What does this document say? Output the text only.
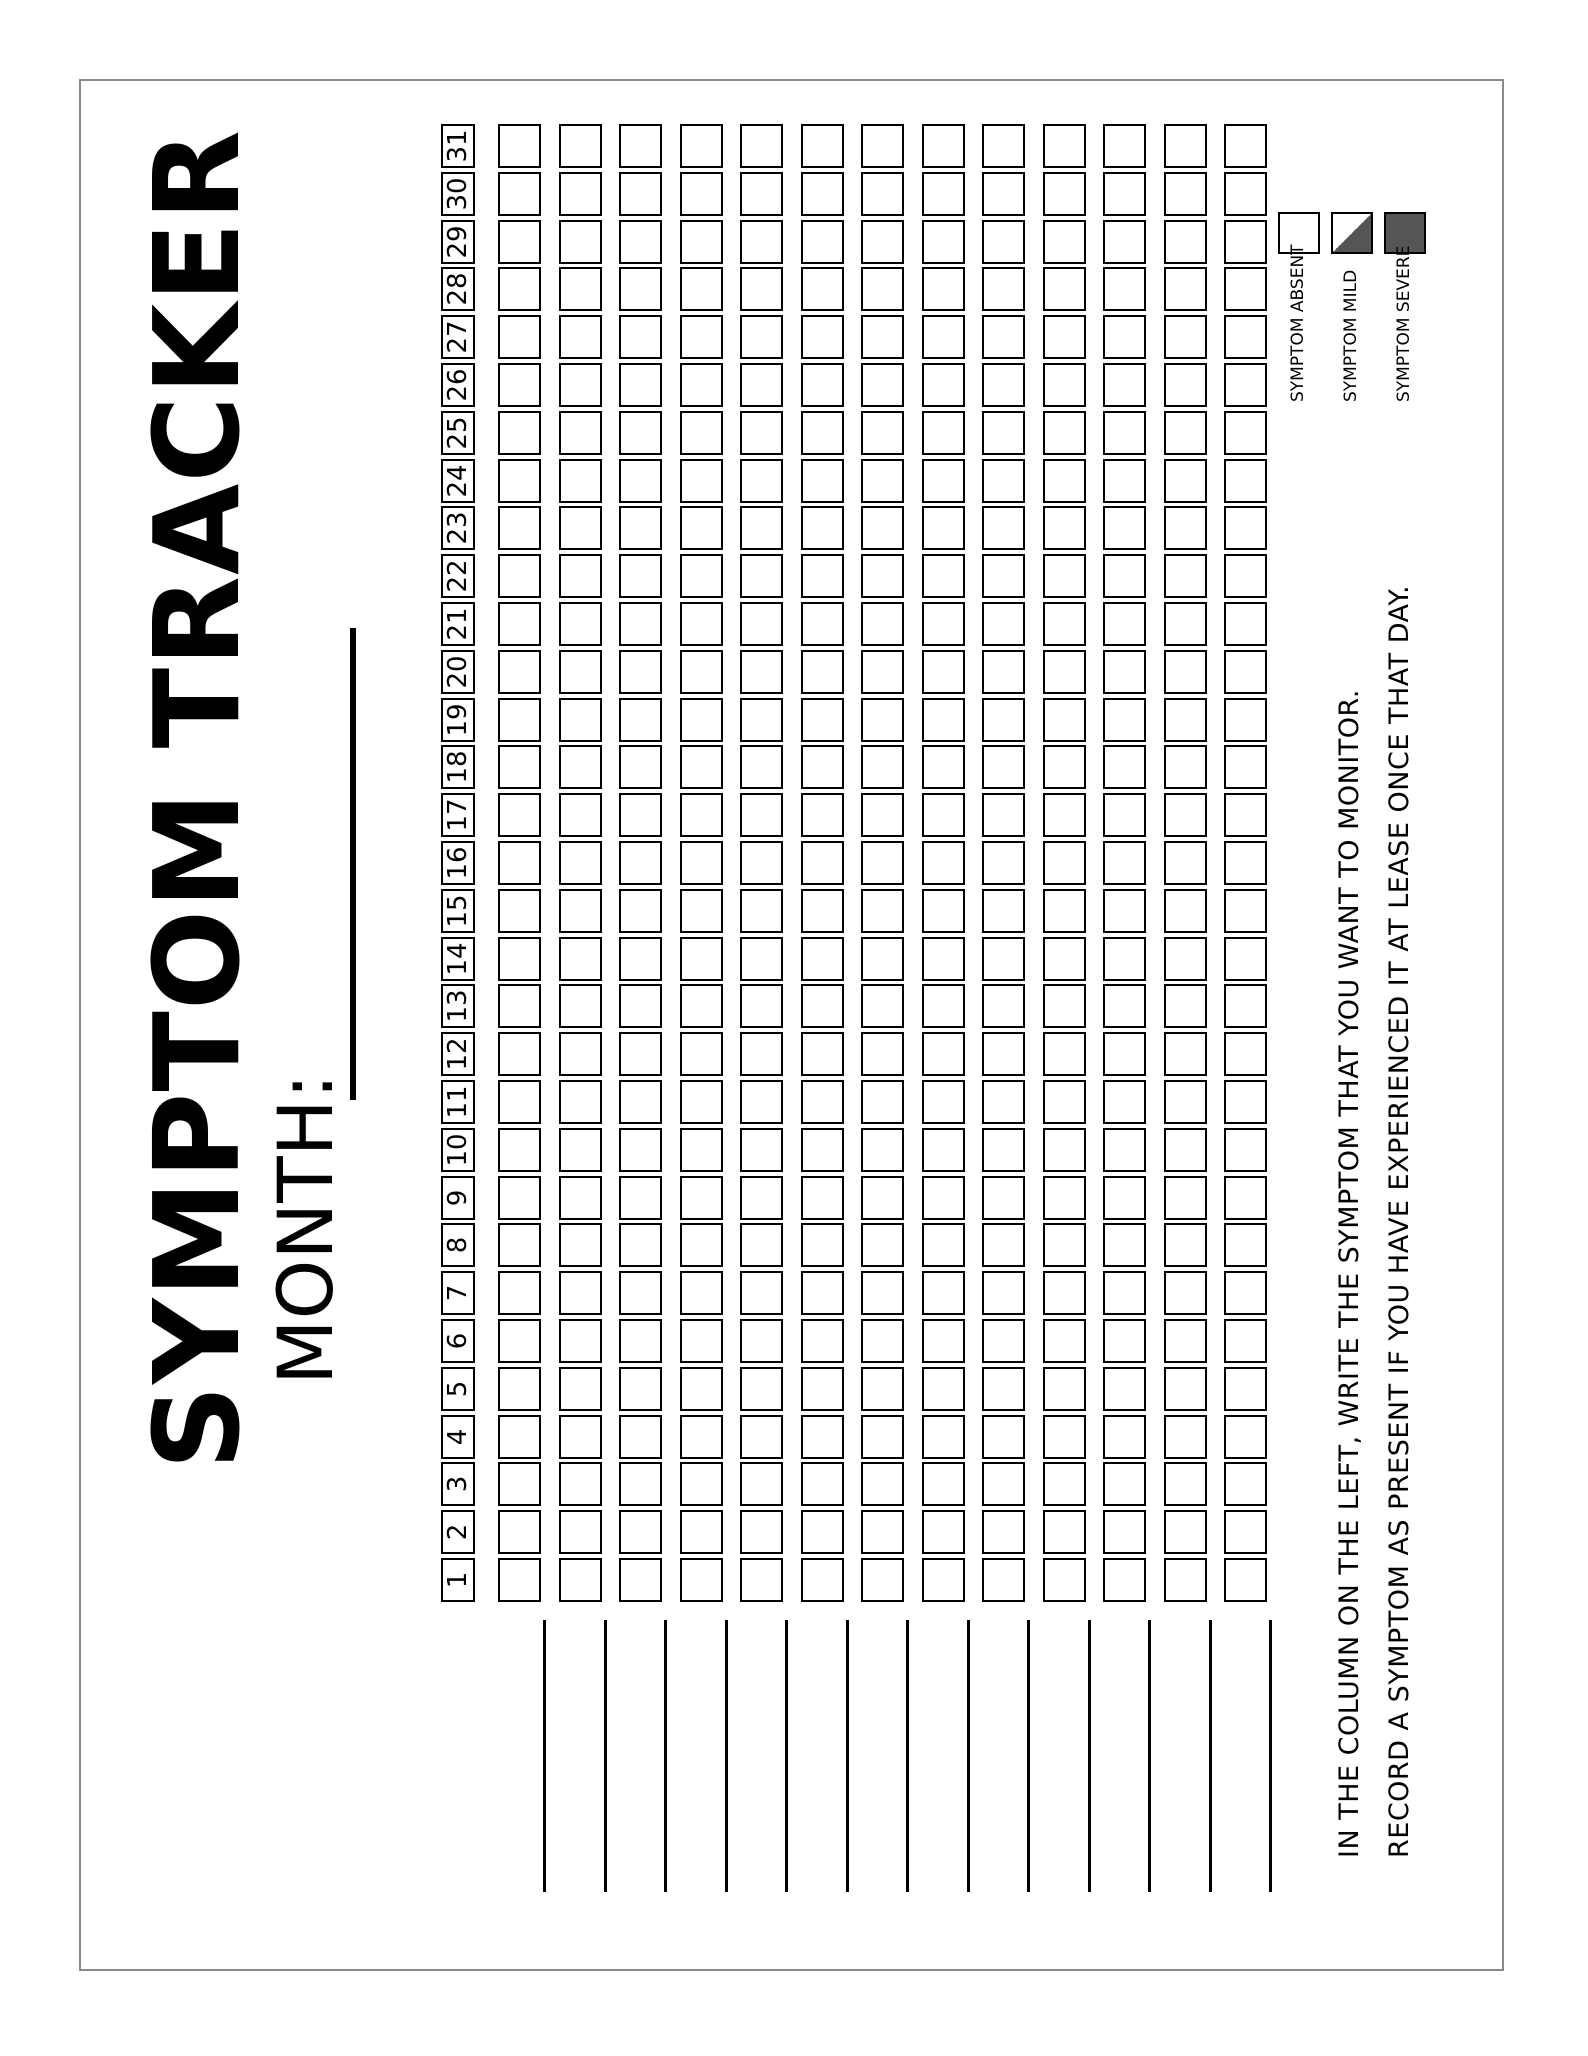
SYMPTOM TRACKER
MONTH:
1
2
3
4
5
6
7
8
9
10
11
12
13
14
15
16
17
18
19
20
21
22
23
24
25
26
27
28
29
30
31
SYMPTOM ABSENT SYMPTOM MILD SYMPTOM SEVERE
IN THE COLUMN ON THE LEFT, WRITE THE SYMPTOM THAT YOU WANT TO MONITOR. RECORD A SYMPTOM AS PRESENT IF YOU HAVE EXPERIENCED IT AT LEASE ONCE THAT DAY.
